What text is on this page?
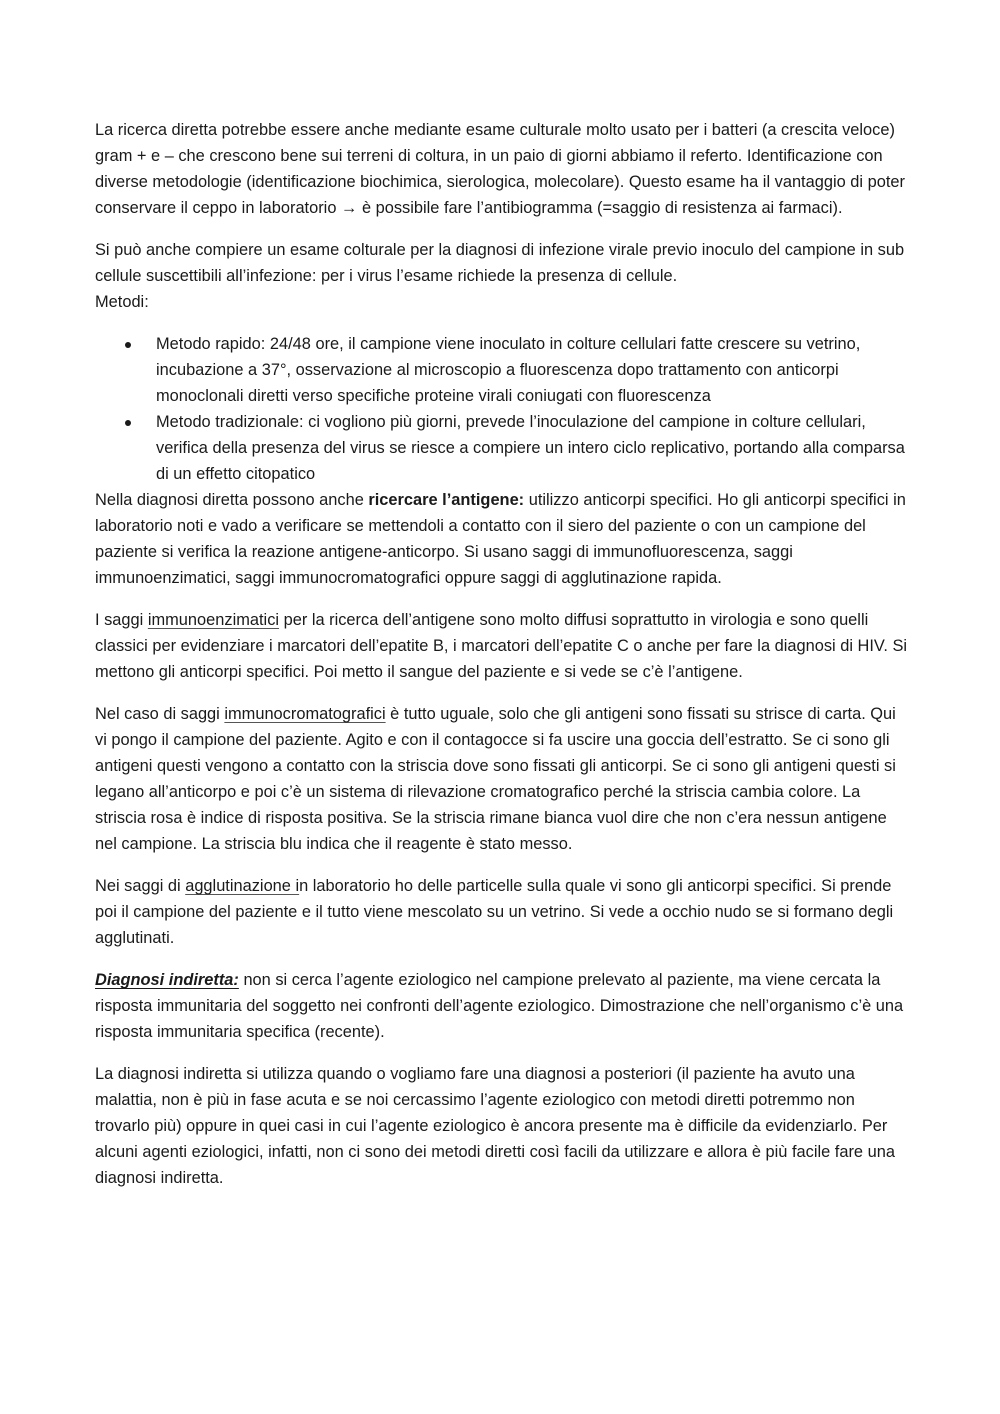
La ricerca diretta potrebbe essere anche mediante esame culturale molto usato per i batteri (a crescita veloce) gram + e – che crescono bene sui terreni di coltura, in un paio di giorni abbiamo il referto. Identificazione con diverse metodologie (identificazione biochimica, sierologica, molecolare). Questo esame ha il vantaggio di poter conservare il ceppo in laboratorio → è possibile fare l’antibiogramma (=saggio di resistenza ai farmaci).

Si può anche compiere un esame colturale per la diagnosi di infezione virale previo inoculo del campione in sub cellule suscettibili all’infezione: per i virus l’esame richiede la presenza di cellule.
Metodi:

Metodo rapido: 24/48 ore, il campione viene inoculato in colture cellulari fatte crescere su vetrino, incubazione a 37°, osservazione al microscopio a fluorescenza dopo trattamento con anticorpi monoclonali diretti verso specifiche proteine virali coniugati con fluorescenza
Metodo tradizionale: ci vogliono più giorni, prevede l’inoculazione del campione in colture cellulari, verifica della presenza del virus se riesce a compiere un intero ciclo replicativo, portando alla comparsa di un effetto citopatico

Nella diagnosi diretta possono anche ricercare l’antigene: utilizzo anticorpi specifici. Ho gli anticorpi specifici in laboratorio noti e vado a verificare se mettendoli a contatto con il siero del paziente o con un campione del paziente si verifica la reazione antigene-anticorpo. Si usano saggi di immunofluorescenza, saggi immunoenzimatici, saggi immunocromatografici oppure saggi di agglutinazione rapida.

I saggi immunoenzimatici per la ricerca dell’antigene sono molto diffusi soprattutto in virologia e sono quelli classici per evidenziare i marcatori dell’epatite B, i marcatori dell’epatite C o anche per fare la diagnosi di HIV. Si mettono gli anticorpi specifici. Poi metto il sangue del paziente e si vede se c’è l’antigene.

Nel caso di saggi immunocromatografici è tutto uguale, solo che gli antigeni sono fissati su strisce di carta. Qui vi pongo il campione del paziente. Agito e con il contagocce si fa uscire una goccia dell’estratto. Se ci sono gli antigeni questi vengono a contatto con la striscia dove sono fissati gli anticorpi. Se ci sono gli antigeni questi si legano all’anticorpo e poi c’è un sistema di rilevazione cromatografico perché la striscia cambia colore. La striscia rosa è indice di risposta positiva. Se la striscia rimane bianca vuol dire che non c’era nessun antigene nel campione. La striscia blu indica che il reagente è stato messo.

Nei saggi di agglutinazione in laboratorio ho delle particelle sulla quale vi sono gli anticorpi specifici. Si prende poi il campione del paziente e il tutto viene mescolato su un vetrino. Si vede a occhio nudo se si formano degli agglutinati.

Diagnosi indiretta: non si cerca l’agente eziologico nel campione prelevato al paziente, ma viene cercata la risposta immunitaria del soggetto nei confronti dell’agente eziologico. Dimostrazione che nell’organismo c’è una risposta immunitaria specifica (recente).

La diagnosi indiretta si utilizza quando o vogliamo fare una diagnosi a posteriori (il paziente ha avuto una malattia, non è più in fase acuta e se noi cercassimo l’agente eziologico con metodi diretti potremmo non trovarlo più) oppure in quei casi in cui l’agente eziologico è ancora presente ma è difficile da evidenziarlo. Per alcuni agenti eziologici, infatti, non ci sono dei metodi diretti così facili da utilizzare e allora è più facile fare una diagnosi indiretta.
